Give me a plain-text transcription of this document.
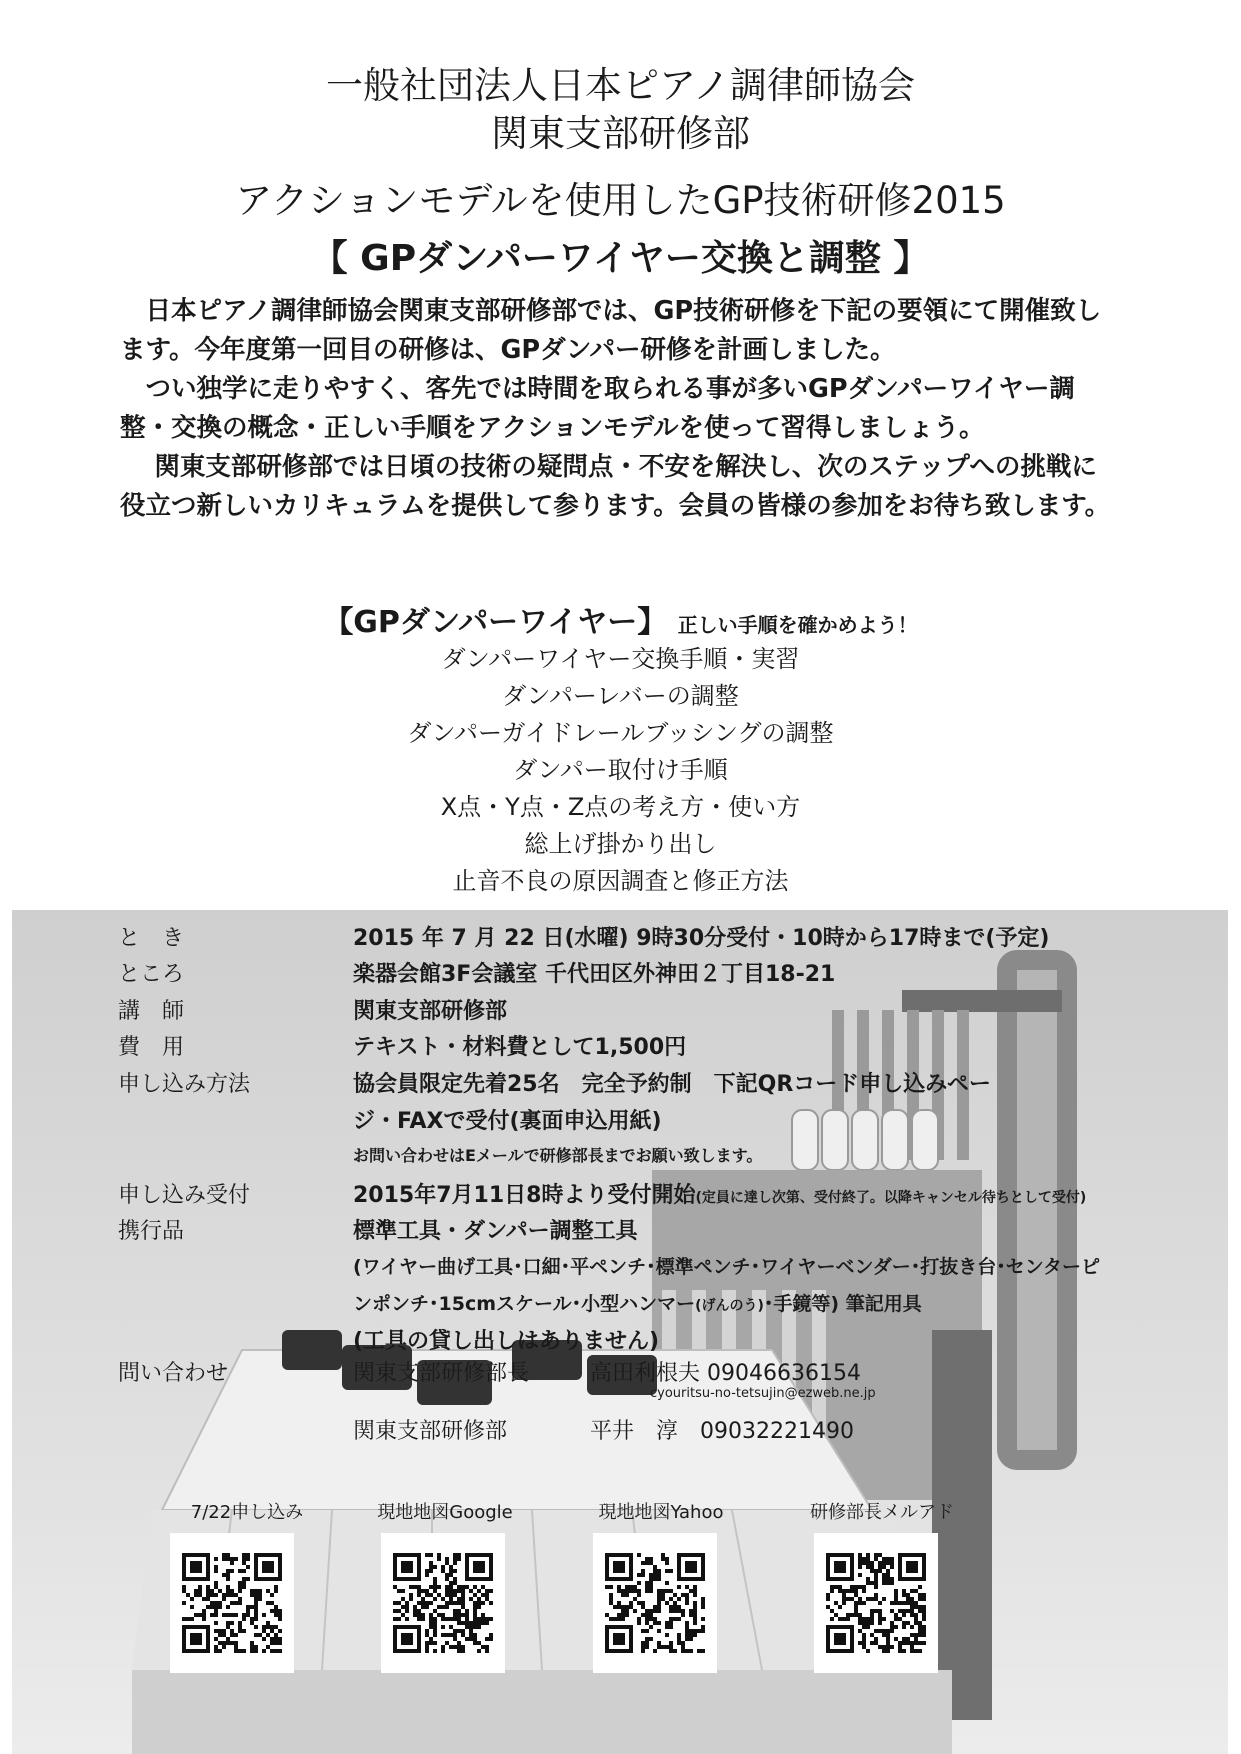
一般社団法人日本ピアノ調律師協会
関東支部研修部
アクションモデルを使用したGP技術研修2015
【 GPダンパーワイヤー交換と調整 】

　日本ピアノ調律師協会関東支部研修部では、GP技術研修を下記の要領にて開催致します。今年度第一回目の研修は、GPダンパー研修を計画しました。

　つい独学に走りやすく、客先では時間を取られる事が多いGPダンパーワイヤー調整・交換の概念・正しい手順をアクションモデルを使って習得しましょう。

　 関東支部研修部では日頃の技術の疑問点・不安を解決し、次のステップへの挑戦に役立つ新しいカリキュラムを提供して参ります。会員の皆様の参加をお待ち致します。

【GPダンパーワイヤー】 正しい手順を確かめよう！
ダンパーワイヤー交換手順・実習
ダンパーレバーの調整
ダンパーガイドレールブッシングの調整
ダンパー取付け手順
X点・Y点・Z点の考え方・使い方
総上げ掛かり出し
止音不良の原因調査と修正方法
と　き	2015 年 7 月 22 日(水曜) 9時30分受付・10時から17時まで(予定)
ところ	楽器会館3F会議室 千代田区外神田２丁目18-21
講　師	関東支部研修部
費　用	テキスト・材料費として1,500円
申し込み方法	協会員限定先着25名　完全予約制　下記QRコード申し込みペー
ジ・FAXで受付(裏面申込用紙)
お問い合わせはEメールで研修部長までお願い致します。
申し込み受付	2015年7月11日8時より受付開始(定員に達し次第、受付終了。以降キャンセル待ちとして受付)
携行品	標準工具・ダンパー調整工具
(ワイヤー曲げ工具･口細･平ペンチ･標準ペンチ･ワイヤーベンダー･打抜き台･センターピ
ンポンチ･15cmスケール･小型ハンマー(げんのう)･手鏡等) 筆記用具
(工具の貸し出しはありません)
問い合わせ	関東支部研修部長	高田利根夫 09046636154
cyouritsu-no-tetsujin@ezweb.ne.jp
関東支部研修部	平井　淳　09032221490
7/22申し込み	現地地図Google	現地地図Yahoo	研修部長メルアド
